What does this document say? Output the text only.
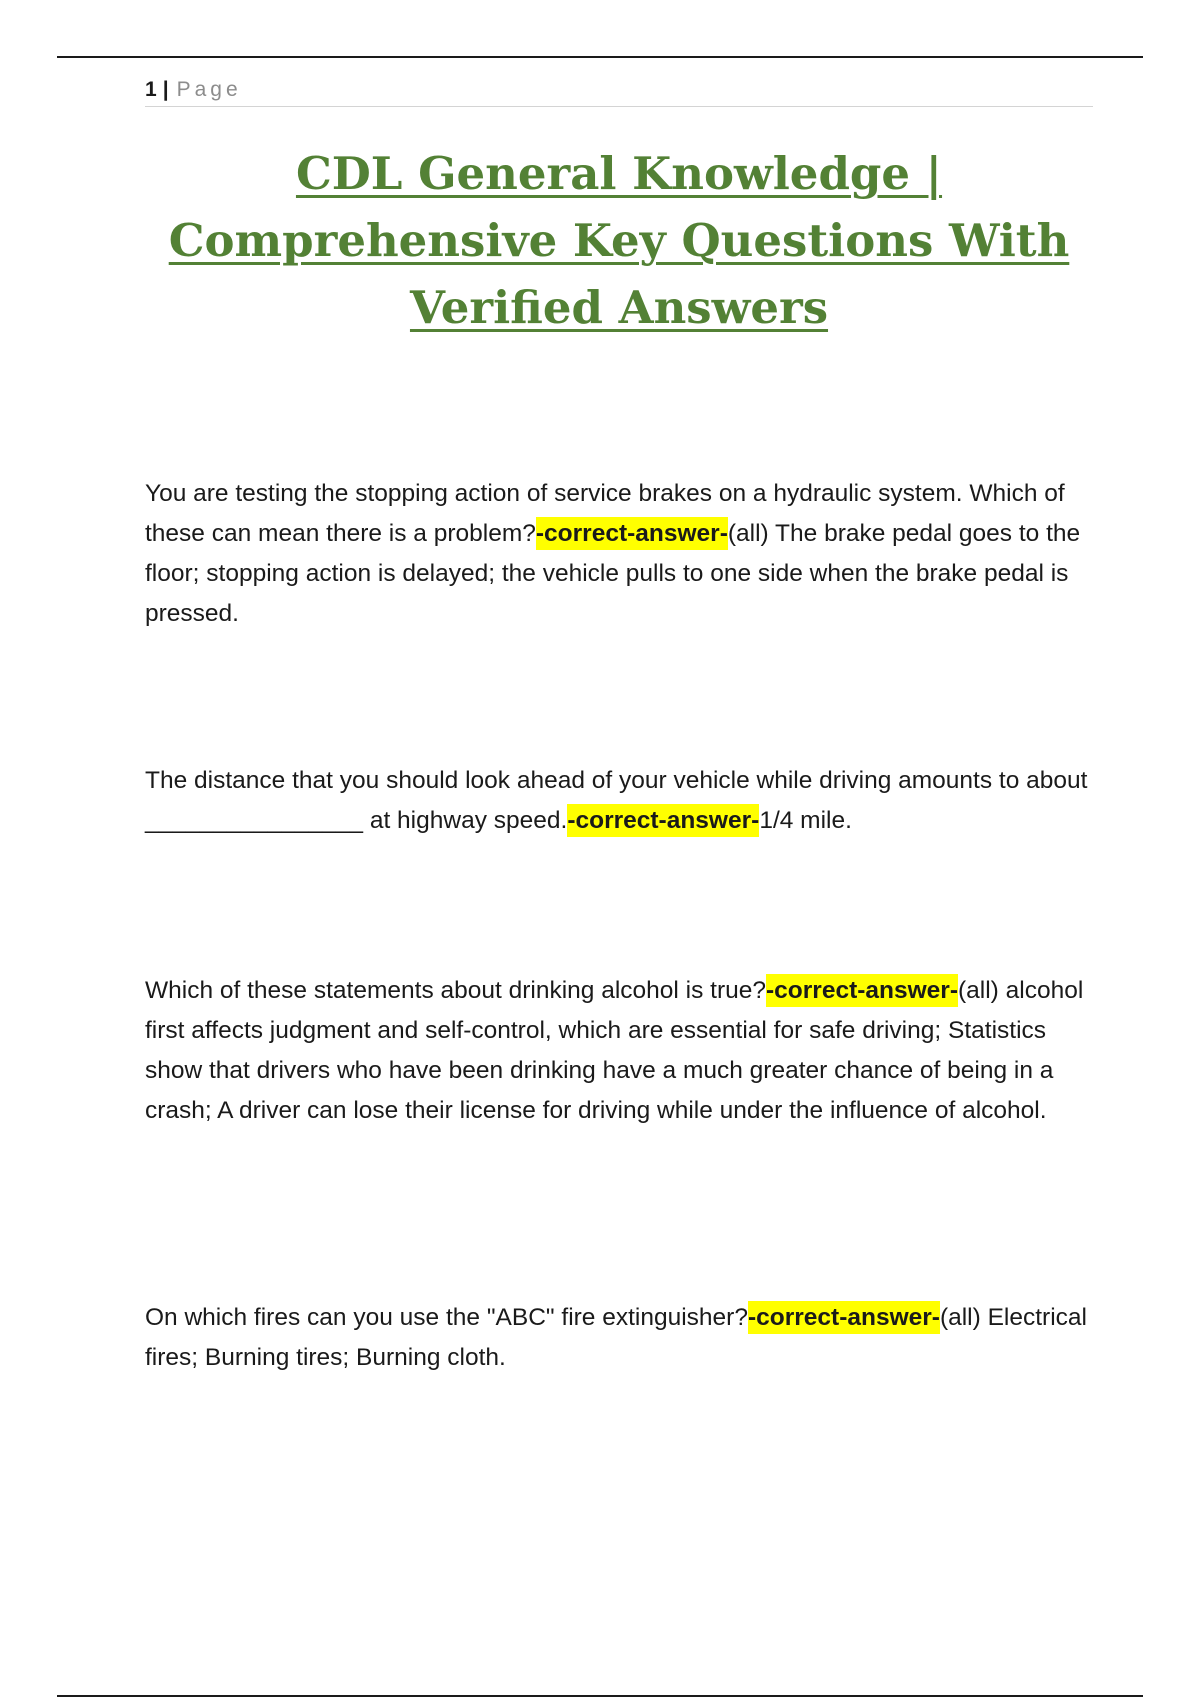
1 | Page
CDL General Knowledge |
Comprehensive Key Questions With
Verified Answers

You are testing the stopping action of service brakes on a hydraulic system. Which of these can mean there is a problem?-correct-answer-(all) The brake pedal goes to the floor; stopping action is delayed; the vehicle pulls to one side when the brake pedal is pressed.

The distance that you should look ahead of your vehicle while driving amounts to about ________________ at highway speed.-correct-answer-1/4 mile.

Which of these statements about drinking alcohol is true?-correct-answer-(all) alcohol first affects judgment and self-control, which are essential for safe driving; Statistics show that drivers who have been drinking have a much greater chance of being in a crash; A driver can lose their license for driving while under the influence of alcohol.

On which fires can you use the "ABC" fire extinguisher?-correct-answer-(all) Electrical fires; Burning tires; Burning cloth.
